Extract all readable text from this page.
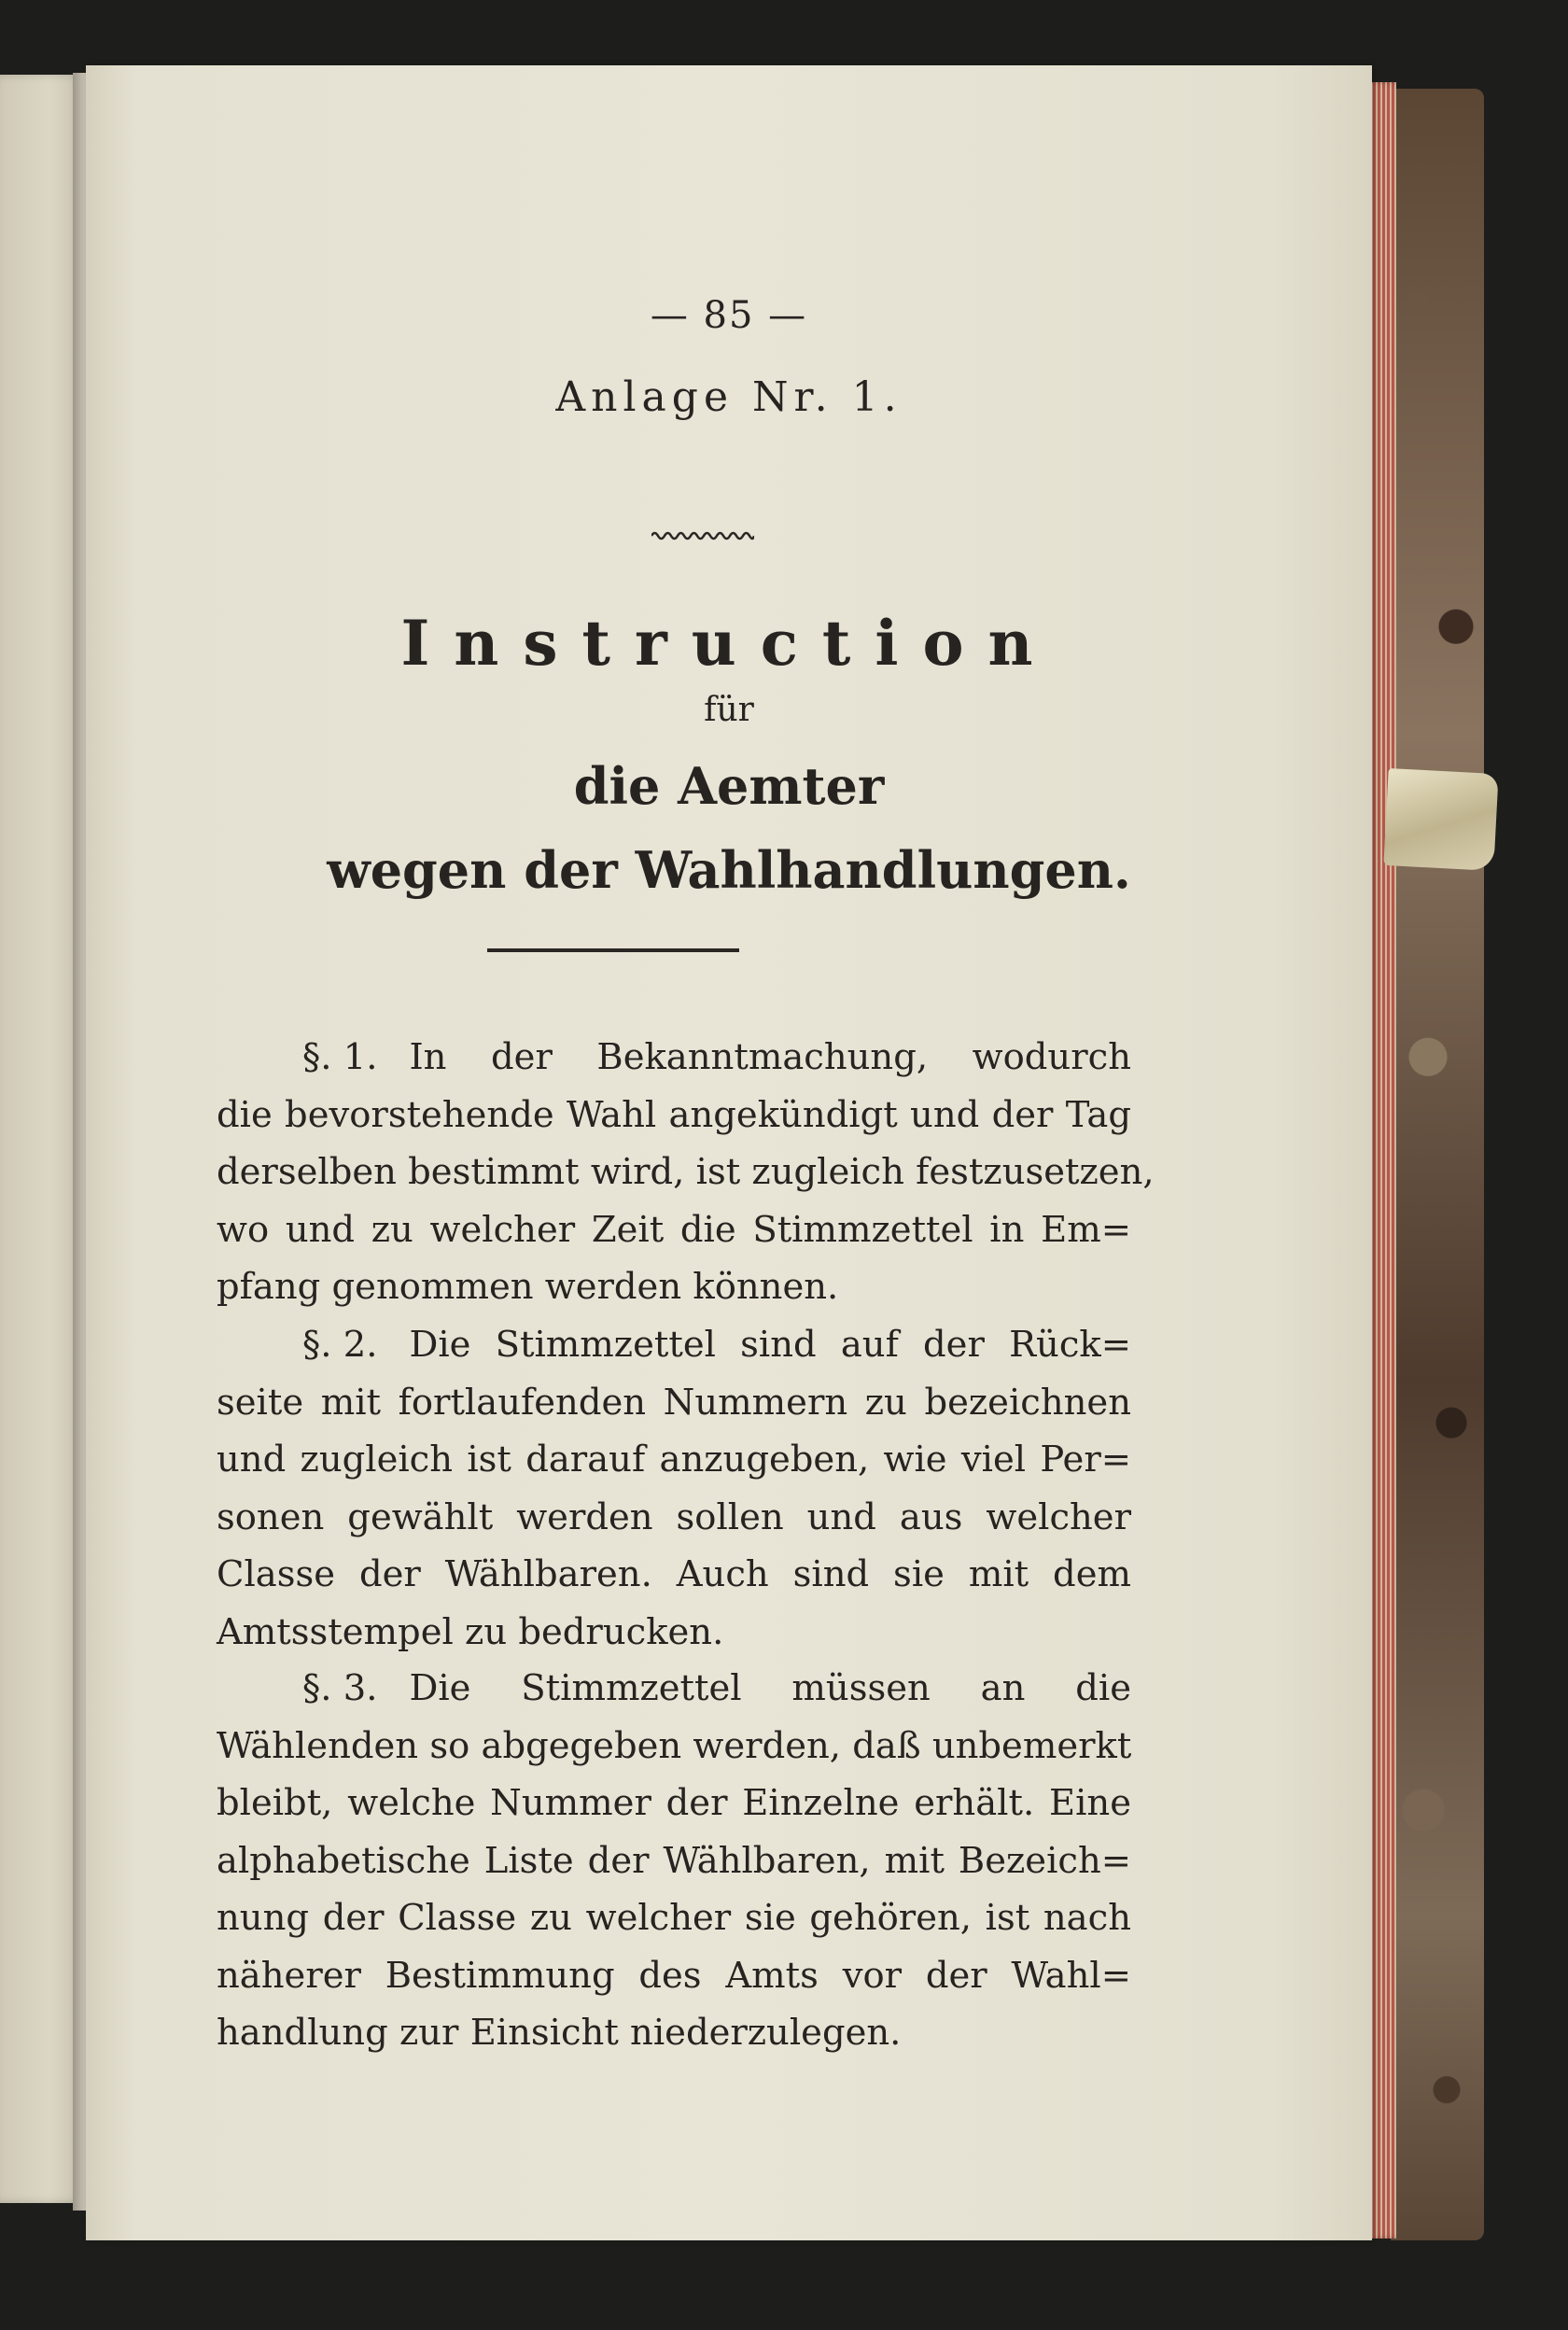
— 85 —
Anlage Nr. 1.
Instruction
für
die Aemter
wegen der Wahlhandlungen.
§. 1. In der Bekanntmachung, wodurch
die bevorstehende Wahl angekündigt und der Tag
derselben bestimmt wird, ist zugleich festzusetzen,
wo und zu welcher Zeit die Stimmzettel in Em=
pfang genommen werden können.
§. 2. Die Stimmzettel sind auf der Rück=
seite mit fortlaufenden Nummern zu bezeichnen
und zugleich ist darauf anzugeben, wie viel Per=
sonen gewählt werden sollen und aus welcher
Classe der Wählbaren. Auch sind sie mit dem
Amtsstempel zu bedrucken.
§. 3. Die Stimmzettel müssen an die
Wählenden so abgegeben werden, daß unbemerkt
bleibt, welche Nummer der Einzelne erhält. Eine
alphabetische Liste der Wählbaren, mit Bezeich=
nung der Classe zu welcher sie gehören, ist nach
näherer Bestimmung des Amts vor der Wahl=
handlung zur Einsicht niederzulegen.
